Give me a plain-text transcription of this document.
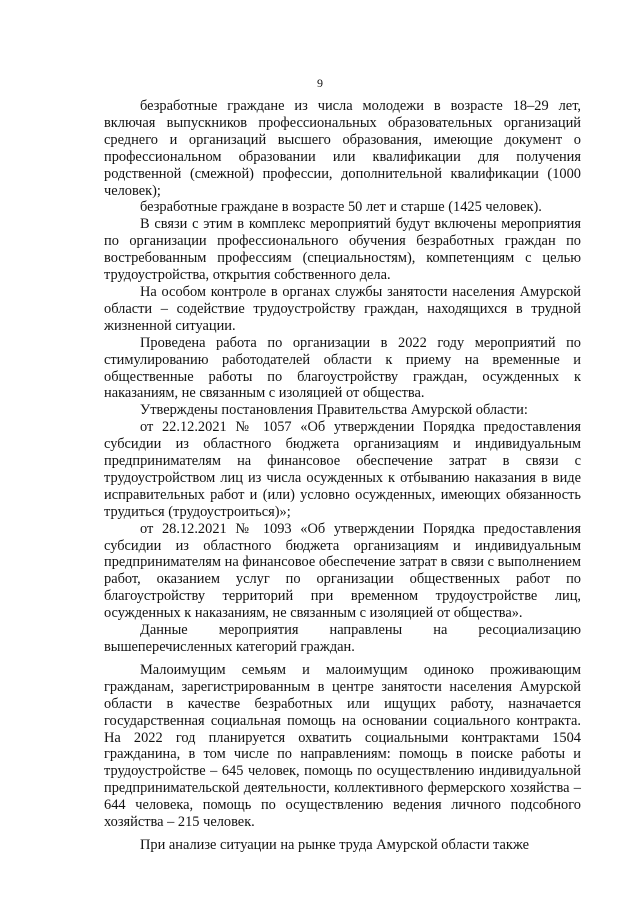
9

безработные граждане из числа молодежи в возрасте 18–29 лет, включая выпускников профессиональных образовательных организаций среднего и организаций высшего образования, имеющие документ о профессиональном образовании или квалификации для получения родственной (смежной) профессии, дополнительной квалификации (1000 человек);

безработные граждане в возрасте 50 лет и старше (1425 человек).

В связи с этим в комплекс мероприятий будут включены мероприятия по организации профессионального обучения безработных граждан по востребованным профессиям (специальностям), компетенциям с целью трудоустройства, открытия собственного дела.

На особом контроле в органах службы занятости населения Амурской области – содействие трудоустройству граждан, находящихся в трудной жизненной ситуации.

Проведена работа по организации в 2022 году мероприятий по стимулированию работодателей области к приему на временные и общественные работы по благоустройству граждан, осужденных к наказаниям, не связанным с изоляцией от общества.

Утверждены постановления Правительства Амурской области:

от 22.12.2021 № 1057 «Об утверждении Порядка предоставления субсидии из областного бюджета организациям и индивидуальным предпринимателям на финансовое обеспечение затрат в связи с трудоустройством лиц из числа осужденных к отбыванию наказания в виде исправительных работ и (или) условно осужденных, имеющих обязанность трудиться (трудоустроиться)»;

от 28.12.2021 № 1093 «Об утверждении Порядка предоставления субсидии из областного бюджета организациям и индивидуальным предпринимателям на финансовое обеспечение затрат в связи с выполнением работ, оказанием услуг по организации общественных работ по благоустройству территорий при временном трудоустройстве лиц, осужденных к наказаниям, не связанным с изоляцией от общества».

Данные мероприятия направлены на ресоциализацию вышеперечисленных категорий граждан.

Малоимущим семьям и малоимущим одиноко проживающим гражданам, зарегистрированным в центре занятости населения Амурской области в качестве безработных или ищущих работу, назначается государственная социальная помощь на основании социального контракта. На 2022 год планируется охватить социальными контрактами 1504 гражданина, в том числе по направлениям: помощь в поиске работы и трудоустройстве – 645 человек, помощь по осуществлению индивидуальной предпринимательской деятельности, коллективного фермерского хозяйства – 644 человека, помощь по осуществлению ведения личного подсобного хозяйства – 215 человек.

При анализе ситуации на рынке труда Амурской области также
